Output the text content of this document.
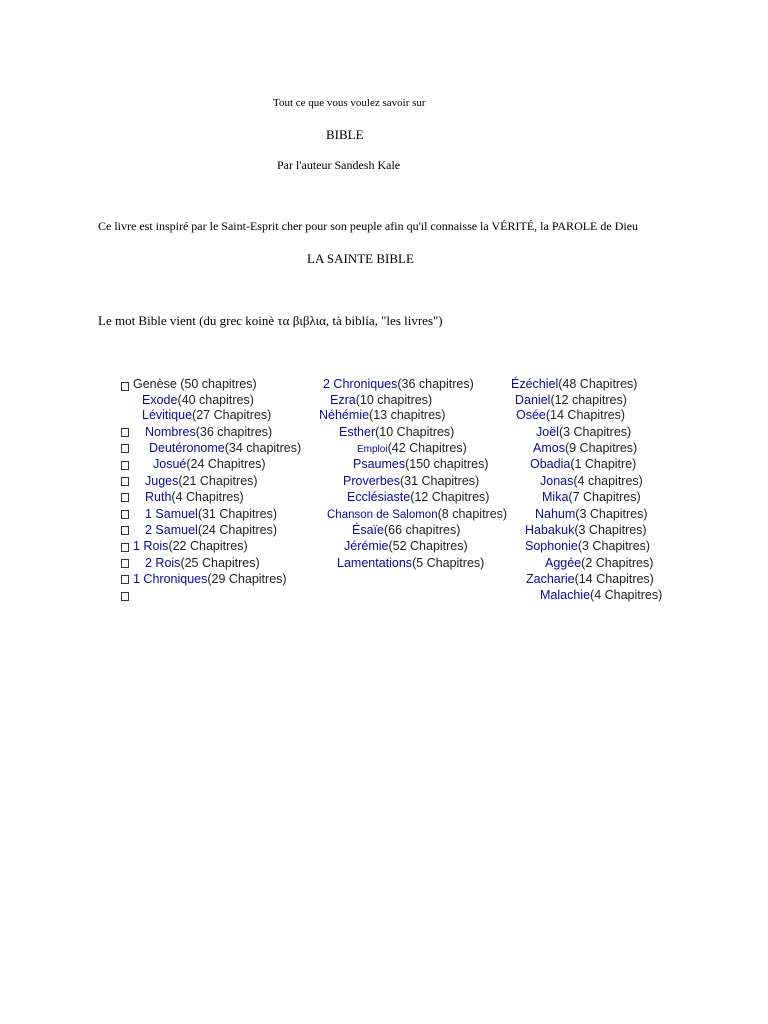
Tout ce que vous voulez savoir sur
BIBLE
Par l'auteur Sandesh Kale
Ce livre est inspiré par le Saint-Esprit cher pour son peuple afin qu'il connaisse la VÉRITÉ, la PAROLE de Dieu
LA SAINTE BIBLE
Le mot Bible vient (du grec koinè τα βιβλια, tà biblía, "les livres")
Genèse (50 chapitres)
Exode(40 chapitres)
Lévitique(27 Chapitres)
Nombres(36 chapitres)
Deutéronome(34 chapitres)
Josué(24 Chapitres)
Juges(21 Chapitres)
Ruth(4 Chapitres)
1 Samuel(31 Chapitres)
2 Samuel(24 Chapitres)
1 Rois(22 Chapitres)
2 Rois(25 Chapitres)
1 Chroniques(29 Chapitres)
2 Chroniques(36 chapitres)
Ezra(10 chapitres)
Néhémie(13 chapitres)
Esther(10 Chapitres)
Emploi(42 Chapitres)
Psaumes(150 chapitres)
Proverbes(31 Chapitres)
Ecclésiaste(12 Chapitres)
Chanson de Salomon(8 chapitres)
Ésaïe(66 chapitres)
Jérémie(52 Chapitres)
Lamentations(5 Chapitres)
Ézéchiel(48 Chapitres)
Daniel(12 chapitres)
Osée(14 Chapitres)
Joël(3 Chapitres)
Amos(9 Chapitres)
Obadia(1 Chapitre)
Jonas(4 chapitres)
Mika(7 Chapitres)
Nahum(3 Chapitres)
Habakuk(3 Chapitres)
Sophonie(3 Chapitres)
Aggée(2 Chapitres)
Zacharie(14 Chapitres)
Malachie(4 Chapitres)
